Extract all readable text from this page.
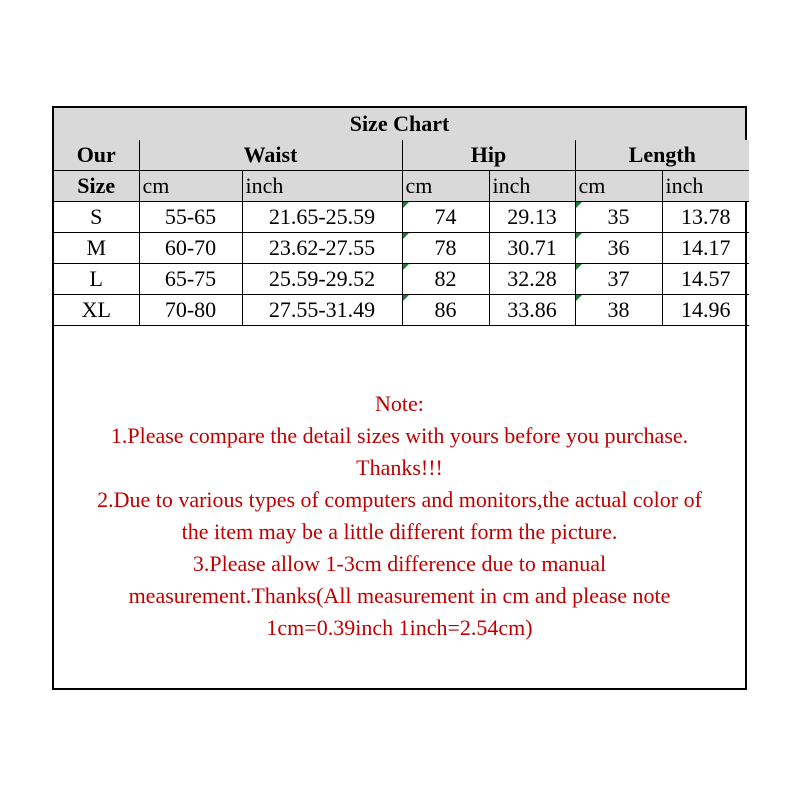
Size Chart
Our	Waist		Hip		Length	
Size	cm	inch	cm	inch	cm	inch
S	55-65	21.65-25.59	74	29.13	35	13.78
M	60-70	23.62-27.55	78	30.71	36	14.17
L	65-75	25.59-29.52	82	32.28	37	14.57
XL	70-80	27.55-31.49	86	33.86	38	14.96
Note:
1.Please compare the detail sizes with yours before you purchase.
Thanks!!!
2.Due to various types of computers and monitors,the actual color of
the item may be a little different form the picture.
3.Please allow 1-3cm difference due to manual
measurement.Thanks(All measurement in cm and please note
1cm=0.39inch 1inch=2.54cm)
